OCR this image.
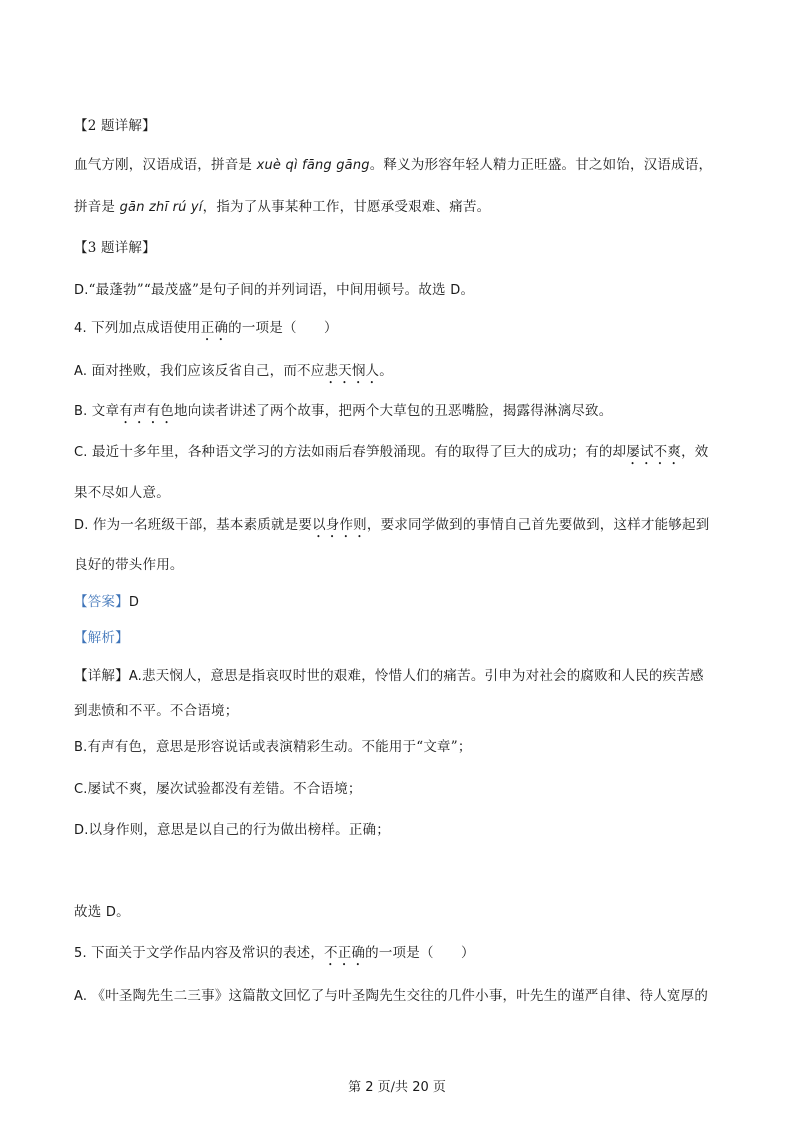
【2 题详解】
血气方刚，汉语成语，拼音是 xuè qì fāng gāng。释义为形容年轻人精力正旺盛。甘之如饴，汉语成语，
拼音是 gān zhī rú yí，指为了从事某种工作，甘愿承受艰难、痛苦。
【3 题详解】
D.“最蓬勃”“最茂盛”是句子间的并列词语，中间用顿号。故选 D。
4. 下列加点成语使用正确的一项是（　　）
A. 面对挫败，我们应该反省自己，而不应悲天悯人。
B. 文章有声有色地向读者讲述了两个故事，把两个大草包的丑恶嘴脸，揭露得淋漓尽致。
C. 最近十多年里，各种语文学习的方法如雨后春笋般涌现。有的取得了巨大的成功；有的却屡试不爽，效
果不尽如人意。
D. 作为一名班级干部，基本素质就是要以身作则，要求同学做到的事情自己首先要做到，这样才能够起到
良好的带头作用。
【答案】D
【解析】
【详解】A.悲天悯人，意思是指哀叹时世的艰难，怜惜人们的痛苦。引申为对社会的腐败和人民的疾苦感
到悲愤和不平。不合语境；
B.有声有色，意思是形容说话或表演精彩生动。不能用于“文章”；
C.屡试不爽，屡次试验都没有差错。不合语境；
D.以身作则，意思是以自己的行为做出榜样。正确；
故选 D。
5. 下面关于文学作品内容及常识的表述，不正确的一项是（　　）
A. 《叶圣陶先生二三事》这篇散文回忆了与叶圣陶先生交往的几件小事，叶先生的谨严自律、待人宽厚的
第 2 页/共 20 页
